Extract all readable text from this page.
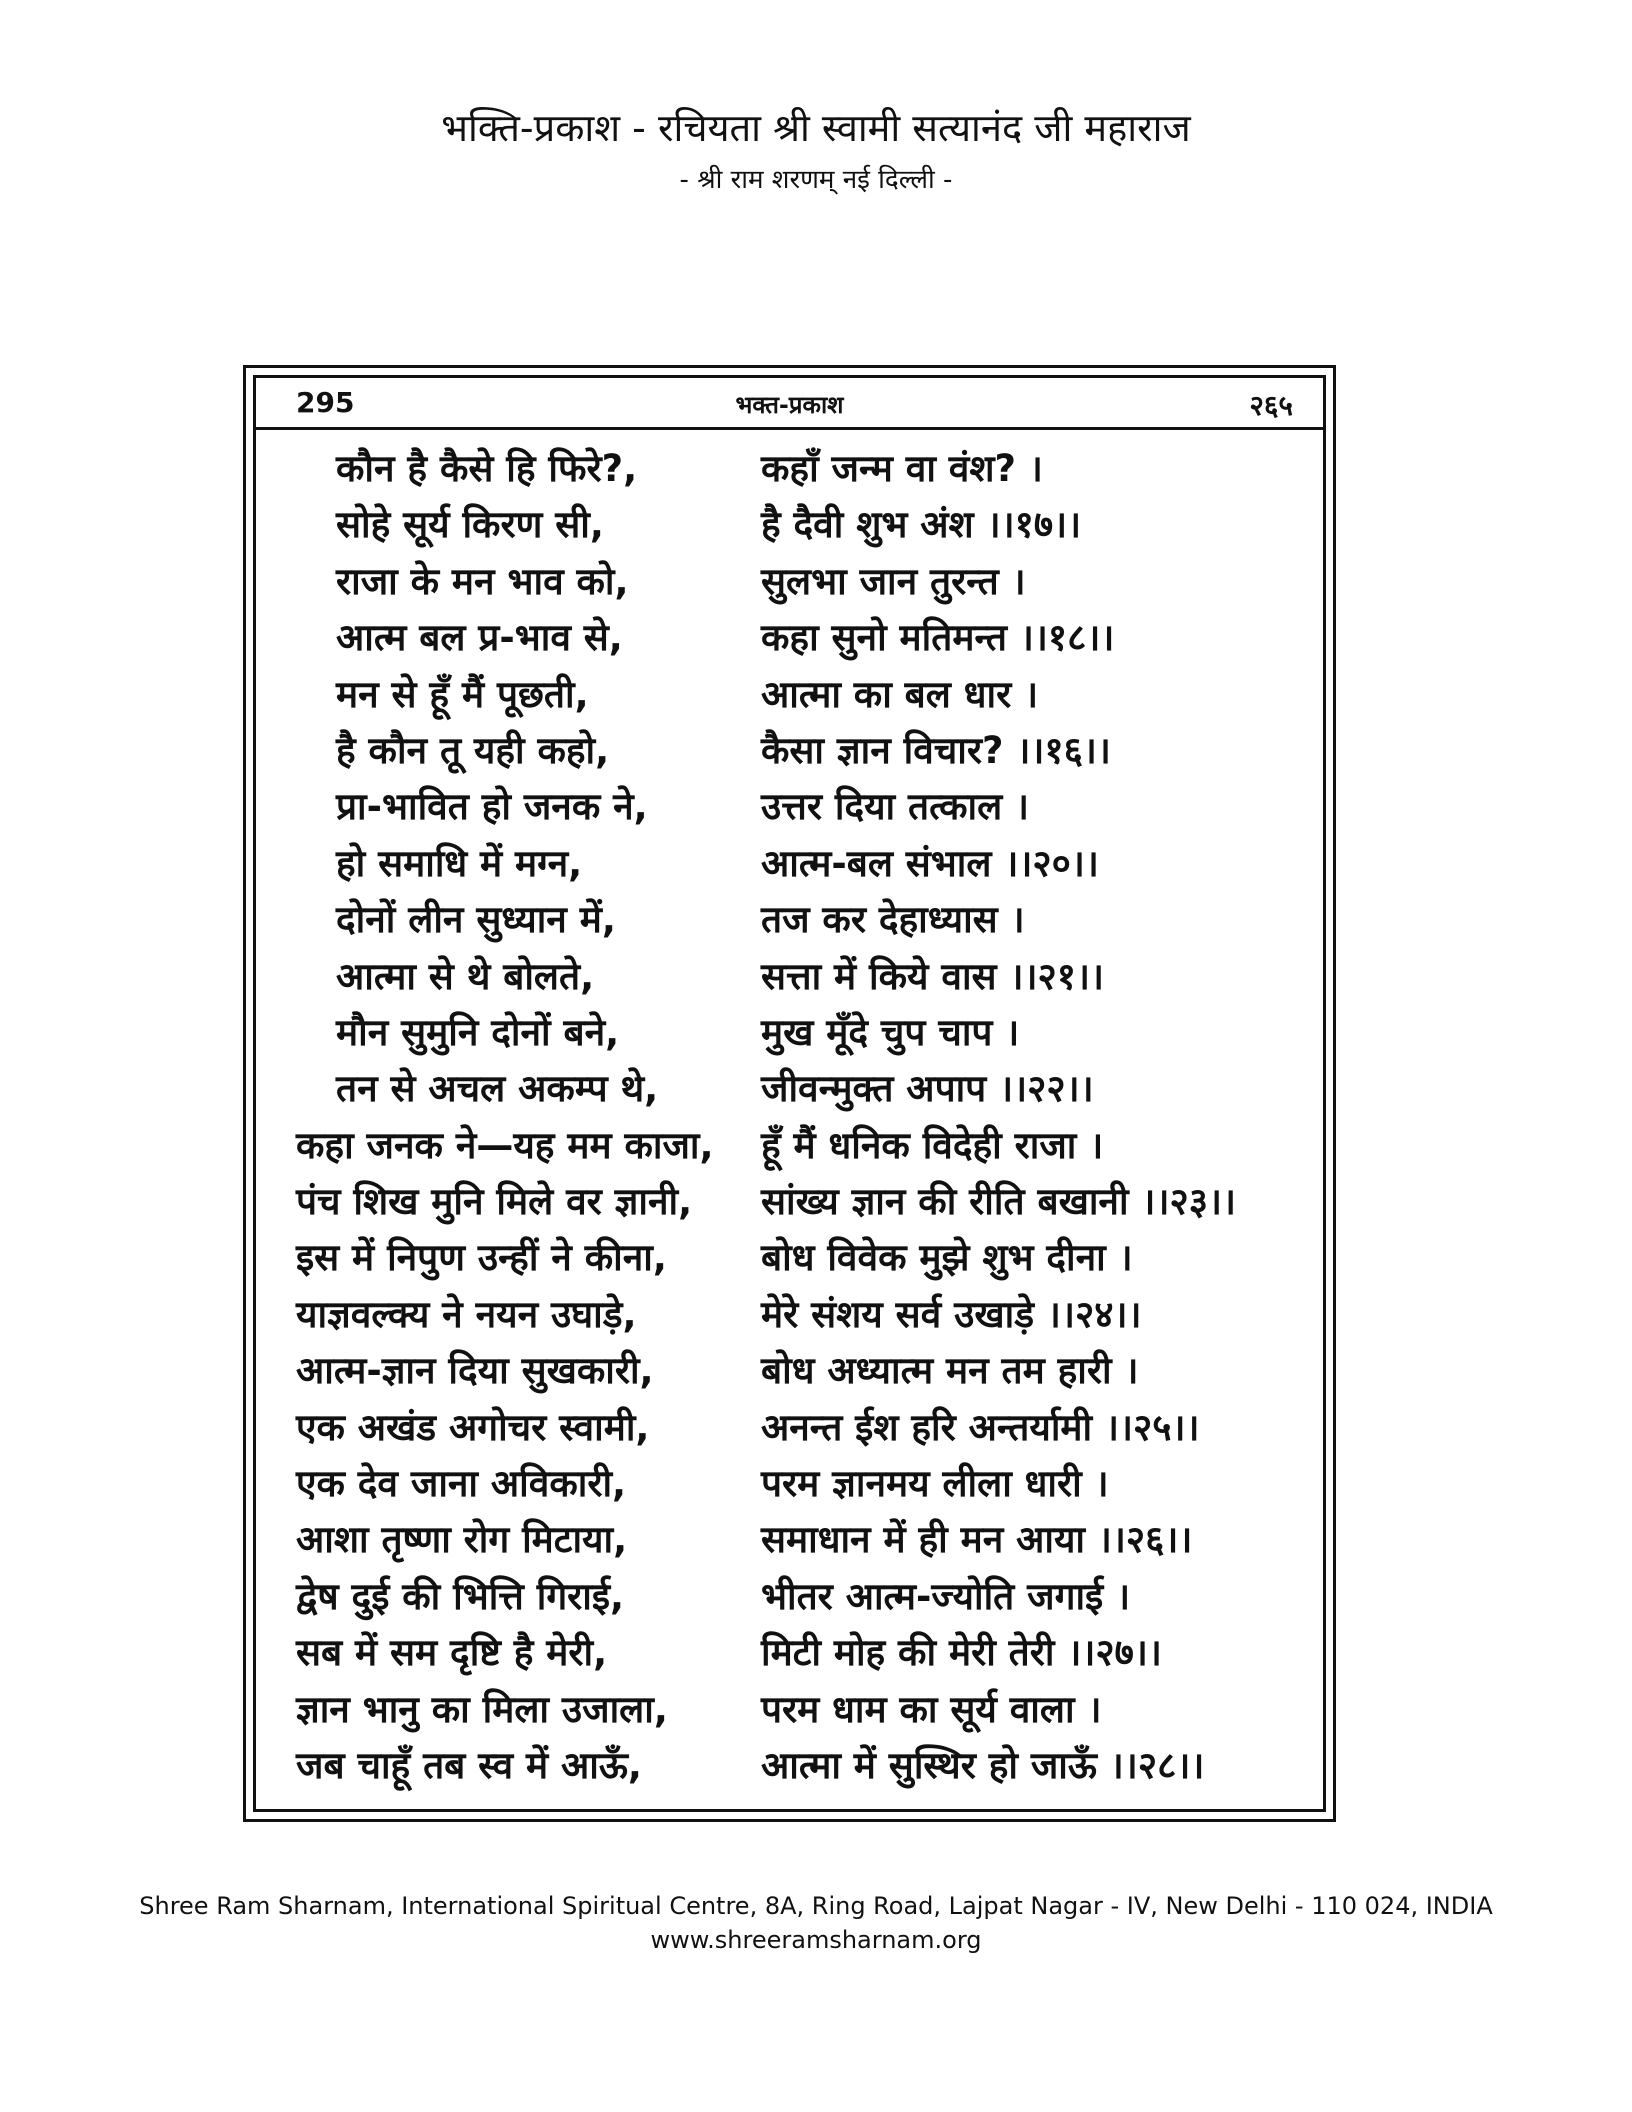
भक्ति-प्रकाश - रचियता श्री स्वामी सत्यानंद जी महाराज
- श्री राम शरणम् नई दिल्ली -
295	भक्त-प्रकाश	२६५
कौन है कैसे हि फिरे?,	कहाँ जन्म वा वंश? ।
सोहे सूर्य किरण सी,	है दैवी शुभ अंश ।।१७।।
राजा के मन भाव को,	सुलभा जान तुरन्त ।
आत्म बल प्र-भाव से,	कहा सुनो मतिमन्त ।।१८।।
मन से हूँ मैं पूछती,	आत्मा का बल धार ।
है कौन तू यही कहो,	कैसा ज्ञान विचार? ।।१६।।
प्रा-भावित हो जनक ने,	उत्तर दिया तत्काल ।
हो समाधि में मग्न,	आत्म-बल संभाल ।।२०।।
दोनों लीन सुध्यान में,	तज कर देहाध्यास ।
आत्मा से थे बोलते,	सत्ता में किये वास ।।२१।।
मौन सुमुनि दोनों बने,	मुख मूँदे चुप चाप ।
तन से अचल अकम्प थे,	जीवन्मुक्त अपाप ।।२२।।
कहा जनक ने—यह मम काजा, हूँ मैं धनिक विदेही राजा ।
पंच शिख मुनि मिले वर ज्ञानी, सांख्य ज्ञान की रीति बखानी ।।२३।।
इस में निपुण उन्हीं ने कीना,	बोध विवेक मुझे शुभ दीना ।
याज्ञवल्क्य ने नयन उघाड़े,	मेरे संशय सर्व उखाड़े ।।२४।।
आत्म-ज्ञान दिया सुखकारी,	बोध अध्यात्म मन तम हारी ।
एक अखंड अगोचर स्वामी,	अनन्त ईश हरि अन्तर्यामी ।।२५।।
एक देव जाना अविकारी,	परम ज्ञानमय लीला धारी ।
आशा तृष्णा रोग मिटाया,	समाधान में ही मन आया ।।२६।।
द्वेष दुई की भित्ति गिराई,	भीतर आत्म-ज्योति जगाई ।
सब में सम दृष्टि है मेरी,	मिटी मोह की मेरी तेरी ।।२७।।
ज्ञान भानु का मिला उजाला,	परम धाम का सूर्य वाला ।
जब चाहूँ तब स्व में आऊँ,	आत्मा में सुस्थिर हो जाऊँ ।।२८।।
Shree Ram Sharnam, International Spiritual Centre, 8A, Ring Road, Lajpat Nagar - IV, New Delhi - 110 024, INDIA
www.shreeramsharnam.org
